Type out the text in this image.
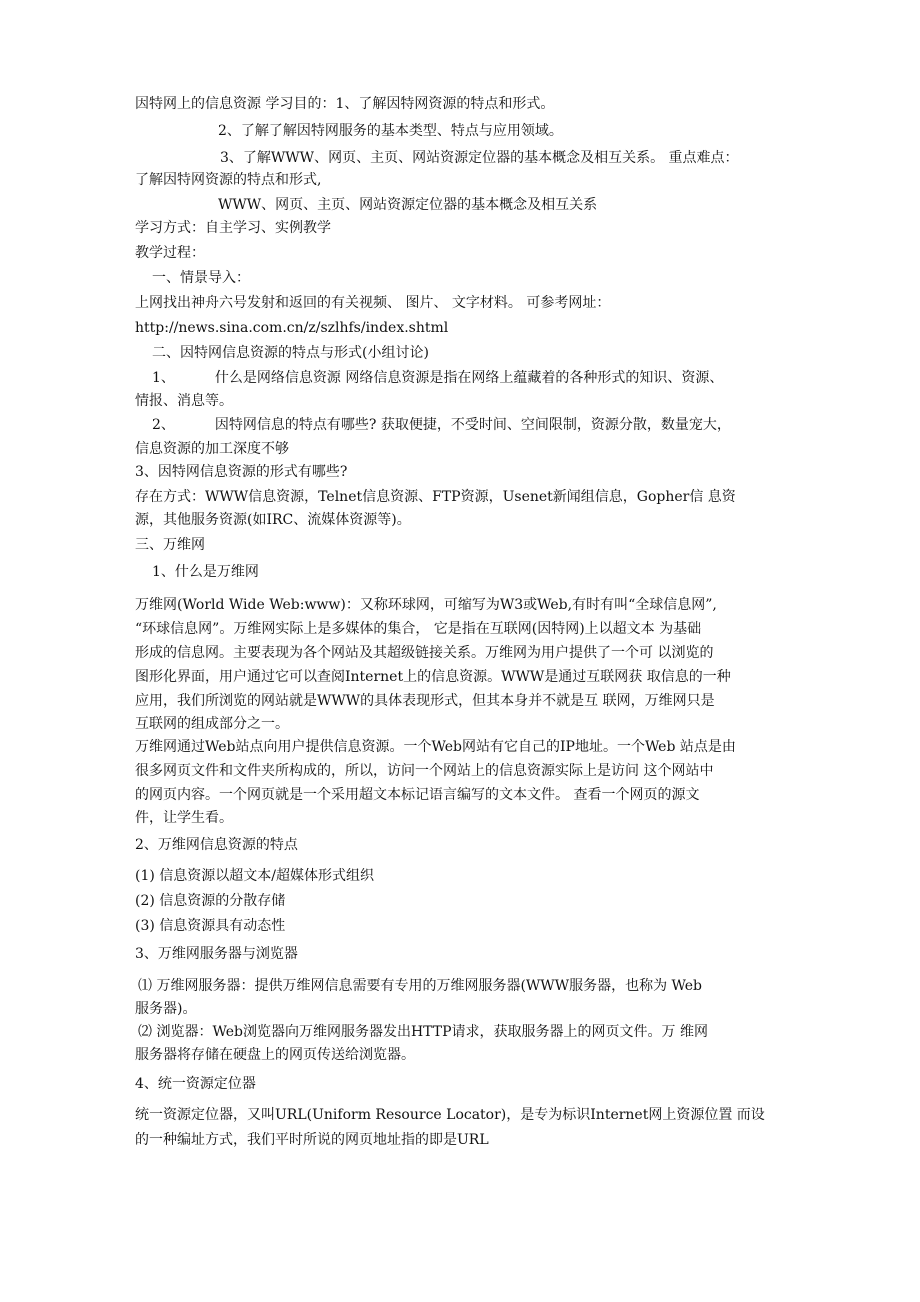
因特网上的信息资源 学习目的：1、了解因特网资源的特点和形式。
2、了解了解因特网服务的基本类型、特点与应用领域。
3、了解WWW、网页、主页、网站资源定位器的基本概念及相互关系。 重点难点：
了解因特网资源的特点和形式,
WWW、网页、主页、网站资源定位器的基本概念及相互关系
学习方式：自主学习、实例教学
教学过程：
一、情景导入：
上网找出神舟六号发射和返回的有关视频、 图片、 文字材料。 可参考网址：
http://news.sina.com.cn/z/szlhfs/index.shtml
二、因特网信息资源的特点与形式(小组讨论)
1、	什么是网络信息资源 网络信息资源是指在网络上蕴藏着的各种形式的知识、资源、
情报、消息等。
2、	因特网信息的特点有哪些? 获取便捷，不受时间、空间限制，资源分散，数量宠大，
信息资源的加工深度不够
3、因特网信息资源的形式有哪些?
存在方式：WWW信息资源，Telnet信息资源、FTP资源，Usenet新闻组信息，Gopher信 息资
源，其他服务资源(如IRC、流媒体资源等)。
三、万维网
1、什么是万维网
万维网(World Wide Web:www)：又称环球网，可缩写为W3或Web,有时有叫“全球信息网”,
“环球信息网”。万维网实际上是多媒体的集合， 它是指在互联网(因特网)上以超文本 为基础
形成的信息网。主要表现为各个网站及其超级链接关系。万维网为用户提供了一个可 以浏览的
图形化界面，用户通过它可以查阅Internet上的信息资源。WWW是通过互联网获 取信息的一种
应用，我们所浏览的网站就是WWW的具体表现形式，但其本身并不就是互 联网，万维网只是
互联网的组成部分之一。
万维网通过Web站点向用户提供信息资源。一个Web网站有它自己的IP地址。一个Web 站点是由
很多网页文件和文件夹所构成的，所以，访问一个网站上的信息资源实际上是访问 这个网站中
的网页内容。一个网页就是一个采用超文本标记语言编写的文本文件。 查看一个网页的源文
件，让学生看。
2、万维网信息资源的特点
(1) 信息资源以超文本/超媒体形式组织
(2) 信息资源的分散存储
(3) 信息资源具有动态性
3、万维网服务器与浏览器
⑴ 万维网服务器：提供万维网信息需要有专用的万维网服务器(WWW服务器，也称为 Web
服务器)。
⑵ 浏览器：Web浏览器向万维网服务器发出HTTP请求，获取服务器上的网页文件。万 维网
服务器将存储在硬盘上的网页传送给浏览器。
4、统一资源定位器
统一资源定位器，又叫URL(Uniform Resource Locator)，是专为标识Internet网上资源位置 而设
的一种编址方式，我们平时所说的网页地址指的即是URL
